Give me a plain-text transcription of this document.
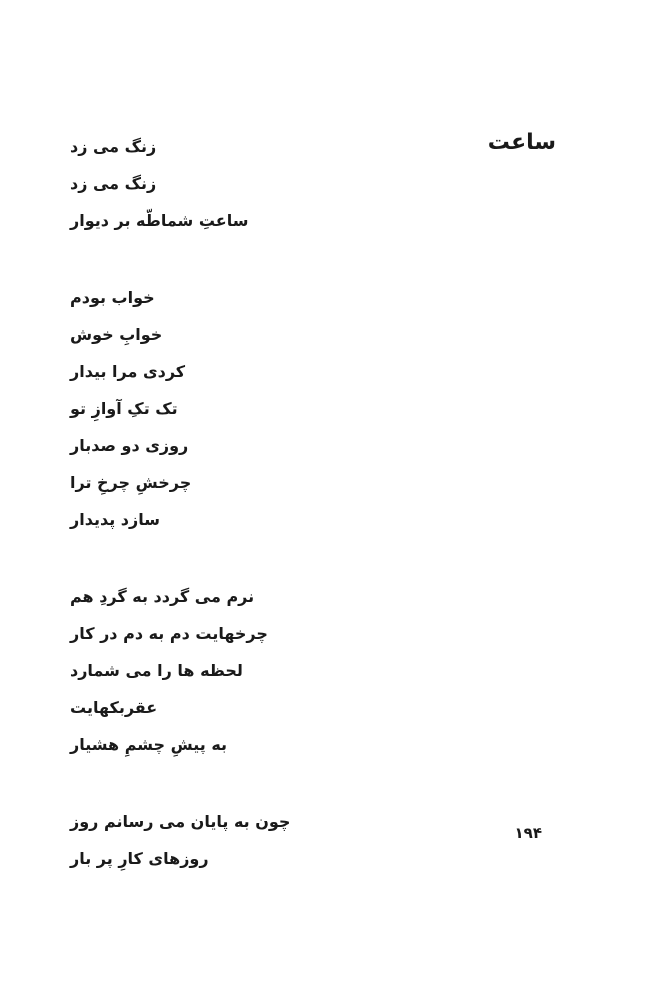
ساعت
زنگ می زد
زنگ می زد
ساعتِ شماطّه بر دیوار
خواب بودم
خوابِ خوش
کردی مرا بیدار
تک تکِ آوازِ تو
روزی دو صدبار
چرخشِ چرخِ ترا
سازد پدیدار
نرم می گردد به گردِ هم
چرخهایت دم به دم در کار
لحظه ها را می شمارد
عقربکهایت
به پیشِ چشمِ هشیار
چون به پایان می رسانم روز
روزهای کارِ پر بار
۱۹۴
